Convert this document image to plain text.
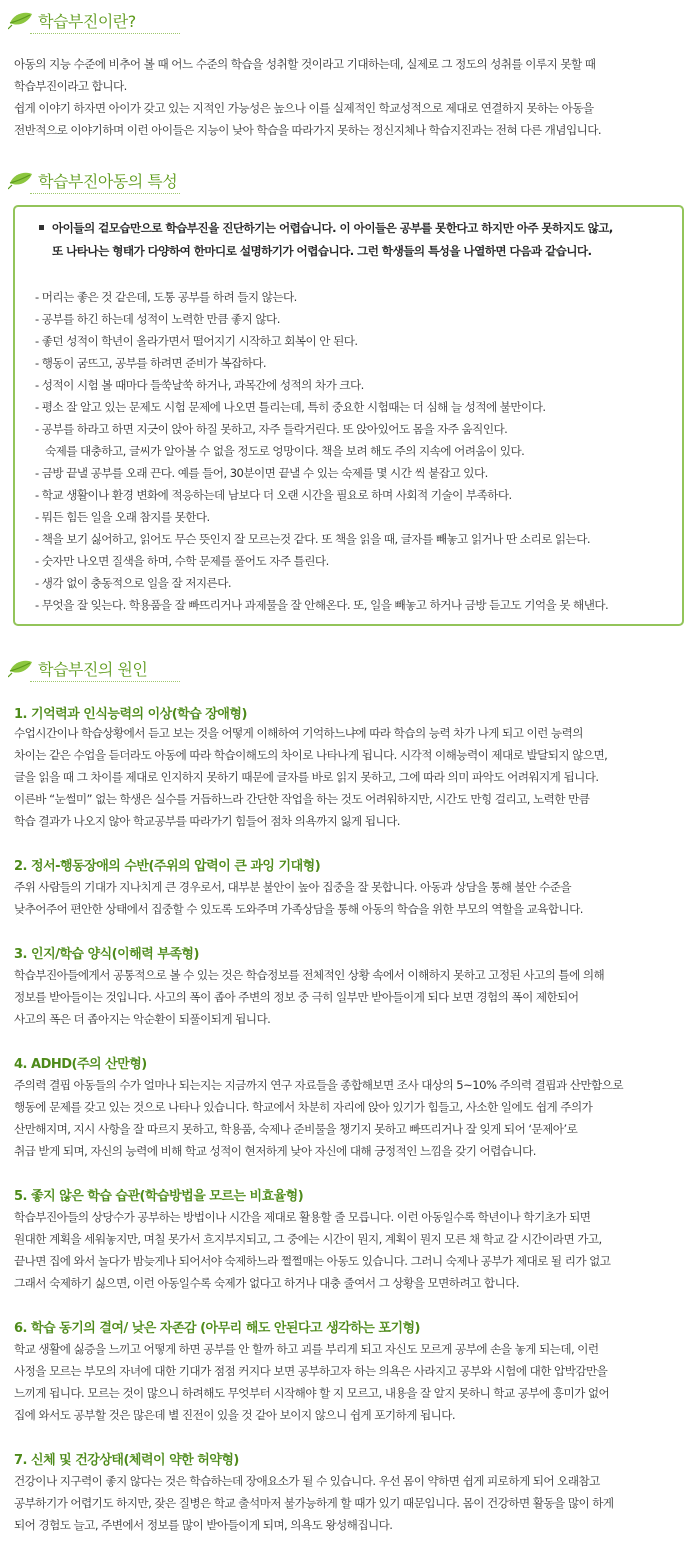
학습부진이란?

아동의 지능 수준에 비추어 볼 때 어느 수준의 학습을 성취할 것이라고 기대하는데, 실제로 그 정도의 성취를 이루지 못할 때

학습부진이라고 합니다.

쉽게 이야기 하자면 아이가 갖고 있는 지적인 가능성은 높으나 이를 실제적인 학교성적으로 제대로 연결하지 못하는 아동을

전반적으로 이야기하며 이런 아이들은 지능이 낮아 학습을 따라가지 못하는 정신지체나 학습지진과는 전혀 다른 개념입니다.

학습부진아동의 특성

아이들의 겉모습만으로 학습부진을 진단하기는 어렵습니다. 이 아이들은 공부를 못한다고 하지만 아주 못하지도 않고,

또 나타나는 형태가 다양하여 한마디로 설명하기가 어렵습니다. 그런 학생들의 특성을 나열하면 다음과 같습니다.

- 머리는 좋은 것 같은데, 도통 공부를 하려 들지 않는다.

- 공부를 하긴 하는데 성적이 노력한 만큼 좋지 않다.

- 좋던 성적이 학년이 올라가면서 떨어지기 시작하고 회복이 안 된다.

- 행동이 굼뜨고, 공부를 하려면 준비가 복잡하다.

- 성적이 시험 볼 때마다 들쑥날쑥 하거나, 과목간에 성적의 차가 크다.

- 평소 잘 알고 있는 문제도 시험 문제에 나오면 틀리는데, 특히 중요한 시험때는 더 심해 늘 성적에 불만이다.

- 공부를 하라고 하면 지긋이 앉아 하질 못하고, 자주 들락거린다. 또 앉아있어도 몸을 자주 움직인다.

숙제를 대충하고, 글씨가 알아볼 수 없을 정도로 엉망이다. 책을 보려 해도 주의 지속에 어려움이 있다.

- 금방 끝낼 공부를 오래 끈다. 예를 들어, 30분이면 끝낼 수 있는 숙제를 몇 시간 씩 붙잡고 있다.

- 학교 생활이나 환경 변화에 적응하는데 남보다 더 오랜 시간을 필요로 하며 사회적 기술이 부족하다.

- 뭐든 힘든 일을 오래 참지를 못한다.

- 책을 보기 싫어하고, 읽어도 무슨 뜻인지 잘 모르는것 같다. 또 책을 읽을 때, 글자를 빼놓고 읽거나 딴 소리로 읽는다.

- 숫자만 나오면 질색을 하며, 수학 문제를 풀어도 자주 틀린다.

- 생각 없이 충동적으로 일을 잘 저지른다.

- 무엇을 잘 잊는다. 학용품을 잘 빠뜨리거나 과제물을 잘 안해온다. 또, 일을 빼놓고 하거나 금방 듣고도 기억을 못 해낸다.

학습부진의 원인
1. 기억력과 인식능력의 이상(학습 장애형)

수업시간이나 학습상황에서 듣고 보는 것을 어떻게 이해하여 기억하느냐에 따라 학습의 능력 차가 나게 되고 이런 능력의

차이는 같은 수업을 듣더라도 아동에 따라 학습이해도의 차이로 나타나게 됩니다. 시각적 이해능력이 제대로 발달되지 않으면,

글을 읽을 때 그 차이를 제대로 인지하지 못하기 때문에 글자를 바로 읽지 못하고, 그에 따라 의미 파악도 어려워지게 됩니다.

이른바 “눈썰미” 없는 학생은 실수를 거듭하느라 간단한 작업을 하는 것도 어려워하지만, 시간도 만힝 걸리고, 노력한 만큼

학습 결과가 나오지 않아 학교공부를 따라가기 힘들어 점차 의욕까지 잃게 됩니다.

2. 정서-행동장애의 수반(주위의 압력이 큰 과잉 기대형)

주위 사람들의 기대가 지나치게 큰 경우로서, 대부분 불안이 높아 집중을 잘 못합니다. 아동과 상담을 통해 불안 수준을

낮추어주어 편안한 상태에서 집중할 수 있도록 도와주며 가족상담을 통해 아동의 학습을 위한 부모의 역할을 교육합니다.

3. 인지/학습 양식(이해력 부족형)

학습부진아들에게서 공통적으로 볼 수 있는 것은 학습정보를 전체적인 상황 속에서 이해하지 못하고 고정된 사고의 틀에 의해

정보를 받아들이는 것입니다. 사고의 폭이 좁아 주변의 정보 중 극히 일부만 받아들이게 되다 보면 경험의 폭이 제한되어

사고의 폭은 더 좁아지는 악순환이 되풀이되게 됩니다.

4. ADHD(주의 산만형)

주의력 결핍 아동들의 수가 얼마나 되는지는 지금까지 연구 자료들을 종합해보면 조사 대상의 5~10% 주의력 결핍과 산만함으로

행동에 문제를 갖고 있는 것으로 나타나 있습니다. 학교에서 차분히 자리에 앉아 있기가 힘들고, 사소한 일에도 쉽게 주의가

산만해지며, 지시 사항을 잘 따르지 못하고, 학용품, 숙제나 준비물을 챙기지 못하고 빠뜨리거나 잘 잊게 되어 ‘문제아’로

취급 받게 되며, 자신의 능력에 비해 학교 성적이 현저하게 낮아 자신에 대해 긍정적인 느낌을 갖기 어렵습니다.

5. 좋지 않은 학습 습관(학습방법을 모르는 비효율형)

학습부진아들의 상당수가 공부하는 방법이나 시간을 제대로 활용할 줄 모릅니다. 이런 아동일수록 학년이나 학기초가 되면

원대한 계획을 세워놓지만, 며칠 못가서 흐지부지되고, 그 중에는 시간이 뭔지, 계획이 뭔지 모른 채 학교 갈 시간이라면 가고,

끝나면 집에 와서 놀다가 밤늦게나 되어서야 숙제하느라 쩔쩔매는 아동도 있습니다. 그러니 숙제나 공부가 제대로 될 리가 없고

그래서 숙제하기 싫으면, 이런 아동일수록 숙제가 없다고 하거나 대충 줄여서 그 상황을 모면하려고 합니다.

6. 학습 동기의 결여/ 낮은 자존감 (아무리 해도 안된다고 생각하는 포기형)

학교 생활에 싫증을 느끼고 어떻게 하면 공부를 안 할까 하고 괴를 부리게 되고 자신도 모르게 공부에 손을 놓게 되는데, 이런

사정을 모르는 부모의 자녀에 대한 기대가 점점 커지다 보면 공부하고자 하는 의욕은 사라지고 공부와 시험에 대한 압박감만을

느끼게 됩니다. 모르는 것이 많으니 하려해도 무엇부터 시작해야 할 지 모르고, 내용을 잘 알지 못하니 학교 공부에 흥미가 없어

집에 와서도 공부할 것은 많은데 별 진전이 있을 것 같아 보이지 않으니 쉽게 포기하게 됩니다.

7. 신체 및 건강상태(체력이 약한 허약형)

건강이나 지구력이 좋지 않다는 것은 학습하는데 장애요소가 될 수 있습니다. 우선 몸이 약하면 쉽게 피로하게 되어 오래참고

공부하기가 어렵기도 하지만, 잦은 질병은 학교 출석마저 불가능하게 할 때가 있기 때문입니다. 몸이 건강하면 활동을 많이 하게

되어 경험도 늘고, 주변에서 정보를 많이 받아들이게 되며, 의욕도 왕성해집니다.
